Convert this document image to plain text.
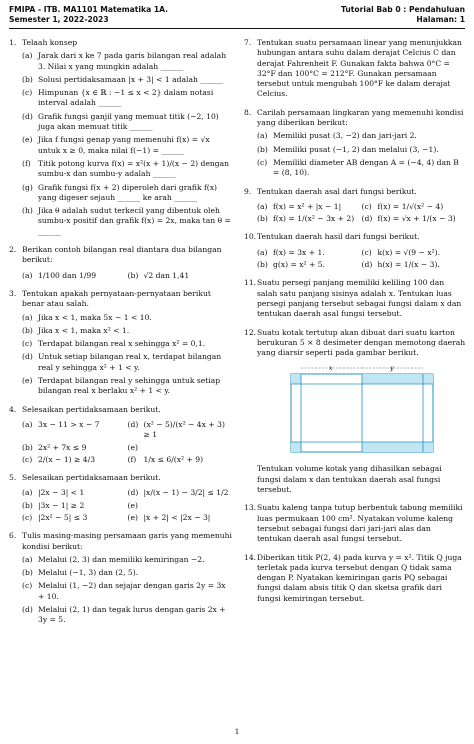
FMIPA - ITB. MA1101 Matematika 1A.
Semester 1, 2022-2023
Tutorial Bab 0 : Pendahuluan
Halaman: 1
1. Telaah konsep
(a) Jarak dari x ke 7 pada garis bilangan real adalah 3. Nilai x yang mungkin adalah ______
(b) Solusi pertidaksamaan |x + 3| < 1 adalah ______
(c) Himpunan {x ∈ ℝ : −1 ≤ x < 2} dalam notasi interval adalah ______
(d) Grafik fungsi ganjil yang memuat titik (−2, 10) juga akan memuat titik ______
(e) Jika f fungsi genap yang memenuhi f(x) = √x untuk x ≥ 0, maka nilai f(−1) = ______
(f) Titik potong kurva f(x) = x²(x + 1)/(x − 2) dengan sumbu-x dan sumbu-y adalah ______
(g) Grafik fungsi f(x + 2) diperoleh dari grafik f(x) yang digeser sejauh ______ ke arah ______
(h) Jika θ adalah sudut terkecil yang dibentuk oleh sumbu-x positif dan grafik f(x) = 2x, maka tan θ = ______
2. Berikan contoh bilangan real diantara dua bilangan berikut:
(a) 1/100 dan 1/99	(b) √2 dan 1,41
3. Tentukan apakah pernyataan-pernyataan berikut benar atau salah.
(a) Jika x < 1, maka 5x − 1 < 10.
(b) Jika x < 1, maka x² < 1.
(c) Terdapat bilangan real x sehingga x² = 0,1.
(d) Untuk setiap bilangan real x, terdapat bilangan real y sehingga x² + 1 < y.
(e) Terdapat bilangan real y sehingga untuk setiap bilangan real x berlaku x² + 1 < y.
4. Selesaikan pertidaksamaan berikut.
(a) 3x − 11 > x − 7	(d) (x² − 5)/(x² − 4x + 3) ≥ 1
(b) 2x² + 7x ≤ 9	(e)
(c) 2/(x − 1) ≥ 4/3	(f) 1/x ≤ 6/(x² + 9)
5. Selesaikan pertidaksamaan berikut.
(a) |2x − 3| < 1	(d) |x/(x − 1) − 3/2| ≤ 1/2
(b) |3x − 1| ≥ 2	(e)
(c) |2x² − 5| ≤ 3	(e) |x + 2| < |2x − 3|
6. Tulis masing-masing persamaan garis yang memenuhi kondisi berikut:
(a) Melalui (2, 3) dan memiliki kemiringan −2.
(b) Melalui (−1, 3) dan (2, 5).
(c) Melalui (1, −2) dan sejajar dengan garis 2y = 3x + 10.
(d) Melalui (2, 1) dan tegak lurus dengan garis 2x + 3y = 5.
7. Tentukan suatu persamaan linear yang menunjukkan hubungan antara suhu dalam derajat Celcius C dan derajat Fahrenheit F. Gunakan fakta bahwa 0°C = 32°F dan 100°C = 212°F. Gunakan persamaan tersebut untuk mengubah 100°F ke dalam derajat Celcius.
8. Carilah persamaan lingkaran yang memenuhi kondisi yang diberikan berikut:
(a) Memiliki pusat (3, −2) dan jari-jari 2.
(b) Memiliki pusat (−1, 2) dan melalui (3, −1).
(c) Memiliki diameter AB dengan A = (−4, 4) dan B = (8, 10).
9. Tentukan daerah asal dari fungsi berikut.
(a) f(x) = x² + |x − 1|	(c) f(x) = 1/√(x² − 4)
(b) f(x) = 1/(x² − 3x + 2) (d) f(x) = √x + 1/(x − 3)
10. Tentukan daerah hasil dari fungsi berikut.
(a) f(x) = 3x + 1.	(c) k(x) = √(9 − x²).
(b) g(x) = x² + 5.	(d) h(x) = 1/(x − 3).
11. Suatu persegi panjang memiliki keliling 100 dan salah satu panjang sisinya adalah x. Tentukan luas persegi panjang tersebut sebagai fungsi dalam x dan tentukan daerah asal fungsi tersebut.
12. Suatu kotak tertutup akan dibuat dari suatu karton berukuran 5 × 8 desimeter dengan memotong daerah yang diarsir seperti pada gambar berikut.
x	y
Tentukan volume kotak yang dihasilkan sebagai fungsi dalam x dan tentukan daerah asal fungsi tersebut.
13. Suatu kaleng tanpa tutup berbentuk tabung memiliki luas permukaan 100 cm². Nyatakan volume kaleng tersebut sebagai fungsi dari jari-jari alas dan tentukan daerah asal fungsi tersebut.
14. Diberikan titik P(2, 4) pada kurva y = x². Titik Q juga terletak pada kurva tersebut dengan Q tidak sama dengan P. Nyatakan kemiringan garis PQ sebagai fungsi dalam absis titik Q dan sketsa grafik dari fungsi kemiringan tersebut.
1
